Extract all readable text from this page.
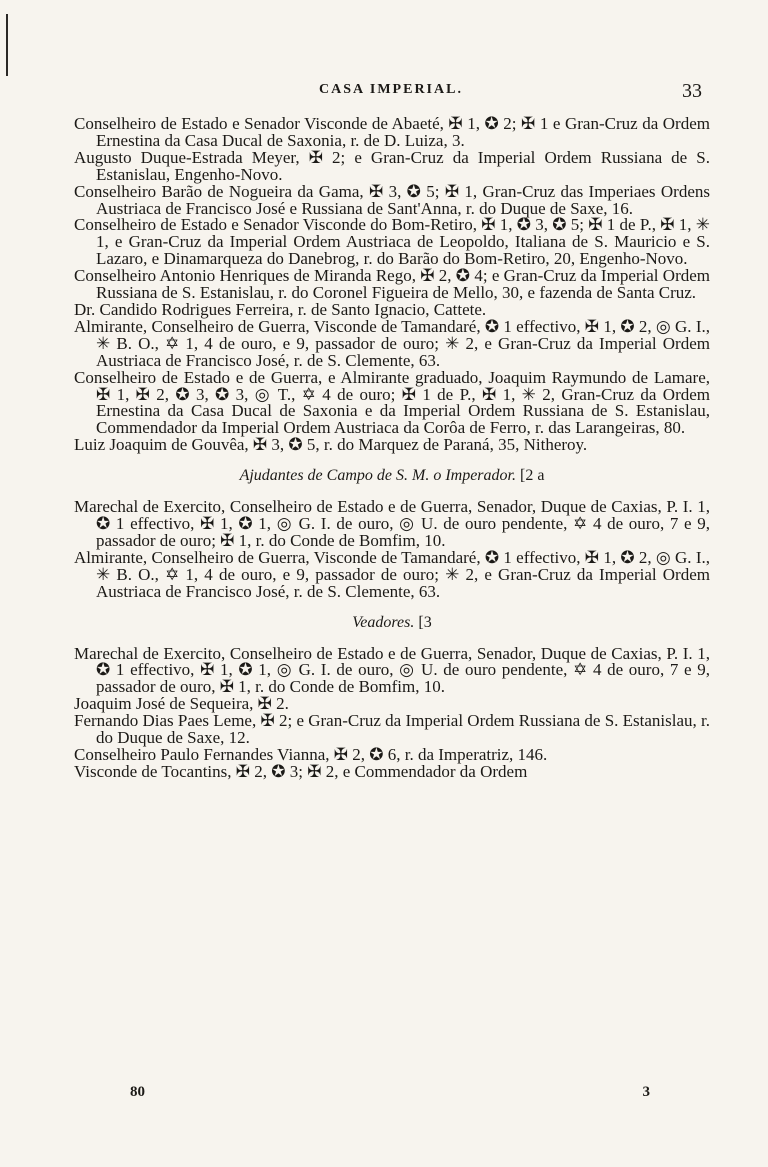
CASA IMPERIAL.	33

Conselheiro de Estado e Senador Visconde de Abaeté, ✠ 1, ✪ 2; ✠ 1 e Gran-Cruz da Ordem Ernestina da Casa Ducal de Saxonia, r. de D. Luiza, 3.

Augusto Duque-Estrada Meyer, ✠ 2; e Gran-Cruz da Imperial Ordem Russiana de S. Estanislau, Engenho-Novo.

Conselheiro Barão de Nogueira da Gama, ✠ 3, ✪ 5; ✠ 1, Gran-Cruz das Imperiaes Ordens Austriaca de Francisco José e Russiana de Sant'Anna, r. do Duque de Saxe, 16.

Conselheiro de Estado e Senador Visconde do Bom-Retiro, ✠ 1, ✪ 3, ✪ 5; ✠ 1 de P., ✠ 1, ✳ 1, e Gran-Cruz da Imperial Ordem Austriaca de Leopoldo, Italiana de S. Mauricio e S. Lazaro, e Dinamarqueza do Danebrog, r. do Barão do Bom-Retiro, 20, Engenho-Novo.

Conselheiro Antonio Henriques de Miranda Rego, ✠ 2, ✪ 4; e Gran-Cruz da Imperial Ordem Russiana de S. Estanislau, r. do Coronel Figueira de Mello, 30, e fazenda de Santa Cruz.

Dr. Candido Rodrigues Ferreira, r. de Santo Ignacio, Cattete.

Almirante, Conselheiro de Guerra, Visconde de Tamandaré, ✪ 1 effectivo, ✠ 1, ✪ 2, ◎ G. I., ✳ B. O., ✡ 1, 4 de ouro, e 9, passador de ouro; ✳ 2, e Gran-Cruz da Imperial Ordem Austriaca de Francisco José, r. de S. Clemente, 63.

Conselheiro de Estado e de Guerra, e Almirante graduado, Joaquim Raymundo de Lamare, ✠ 1, ✠ 2, ✪ 3, ✪ 3, ◎ T., ✡ 4 de ouro; ✠ 1 de P., ✠ 1, ✳ 2, Gran-Cruz da Ordem Ernestina da Casa Ducal de Saxonia e da Imperial Ordem Russiana de S. Estanislau, Commendador da Imperial Ordem Austriaca da Corôa de Ferro, r. das Larangeiras, 80.

Luiz Joaquim de Gouvêa, ✠ 3, ✪ 5, r. do Marquez de Paraná, 35, Nitheroy.

Ajudantes de Campo de S. M. o Imperador. [2 a

Marechal de Exercito, Conselheiro de Estado e de Guerra, Senador, Duque de Caxias, P. I. 1, ✪ 1 effectivo, ✠ 1, ✪ 1, ◎ G. I. de ouro, ◎ U. de ouro pendente, ✡ 4 de ouro, 7 e 9, passador de ouro; ✠ 1, r. do Conde de Bomfim, 10.

Almirante, Conselheiro de Guerra, Visconde de Tamandaré, ✪ 1 effectivo, ✠ 1, ✪ 2, ◎ G. I., ✳ B. O., ✡ 1, 4 de ouro, e 9, passador de ouro; ✳ 2, e Gran-Cruz da Imperial Ordem Austriaca de Francisco José, r. de S. Clemente, 63.

Veadores. [3

Marechal de Exercito, Conselheiro de Estado e de Guerra, Senador, Duque de Caxias, P. I. 1, ✪ 1 effectivo, ✠ 1, ✪ 1, ◎ G. I. de ouro, ◎ U. de ouro pendente, ✡ 4 de ouro, 7 e 9, passador de ouro, ✠ 1, r. do Conde de Bomfim, 10.

Joaquim José de Sequeira, ✠ 2.

Fernando Dias Paes Leme, ✠ 2; e Gran-Cruz da Imperial Ordem Russiana de S. Estanislau, r. do Duque de Saxe, 12.

Conselheiro Paulo Fernandes Vianna, ✠ 2, ✪ 6, r. da Imperatriz, 146.

Visconde de Tocantins, ✠ 2, ✪ 3; ✠ 2, e Commendador da Ordem

80	3
